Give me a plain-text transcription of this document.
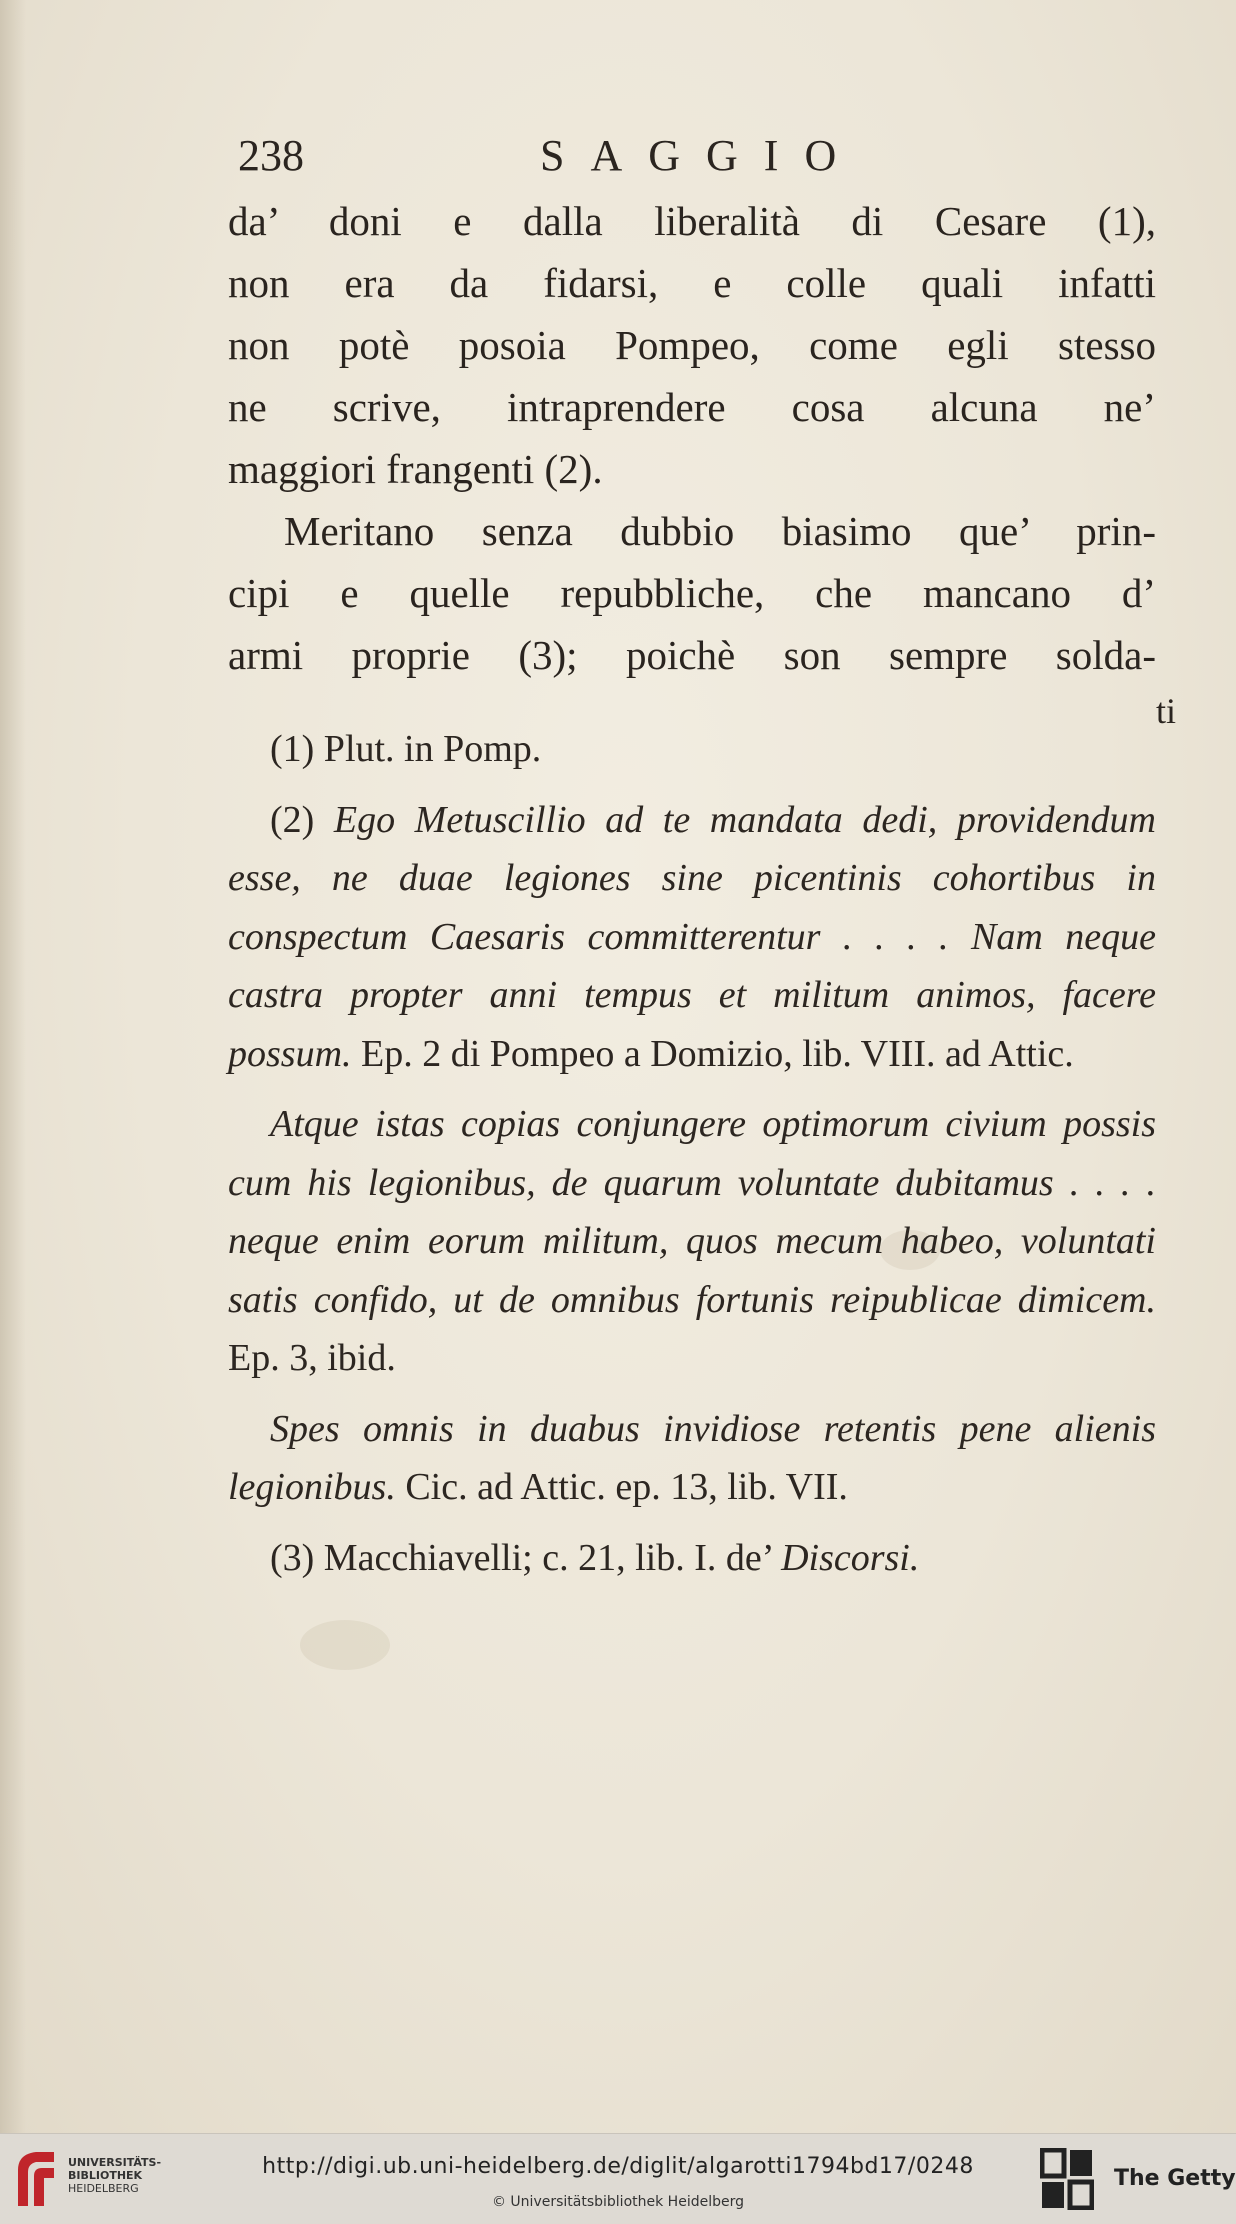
238	SAGGIO

da’ doni e dalla liberalità di Cesare (1),

non era da fidarsi, e colle quali infatti

non potè posoia Pompeo, come egli stesso

ne scrive, intraprendere cosa alcuna ne’

maggiori frangenti (2).

Meritano senza dubbio biasimo que’ prin-

cipi e quelle repubbliche, che mancano d’

armi proprie (3); poichè son sempre solda-

ti

(1) Plut. in Pomp.

(2) Ego Metuscillio ad te mandata dedi, providendum esse, ne duae legiones sine picentinis cohortibus in conspectum Caesaris committerentur . . . . Nam neque castra propter anni tempus et militum animos, facere possum. Ep. 2 di Pompeo a Domizio, lib. VIII. ad Attic.

Atque istas copias conjungere optimorum civium possis cum his legionibus, de quarum voluntate dubitamus . . . . neque enim eorum militum, quos mecum habeo, voluntati satis confido, ut de omnibus fortunis reipublicae dimicem. Ep. 3, ibid.

Spes omnis in duabus invidiose retentis pene alienis legionibus. Cic. ad Attic. ep. 13, lib. VII.

(3) Macchiavelli; c. 21, lib. I. de’ Discorsi.

UNIVERSITÄTS-
BIBLIOTHEK
HEIDELBERG
http://digi.ub.uni-heidelberg.de/diglit/algarotti1794bd17/0248
© Universitätsbibliothek Heidelberg
The Getty
